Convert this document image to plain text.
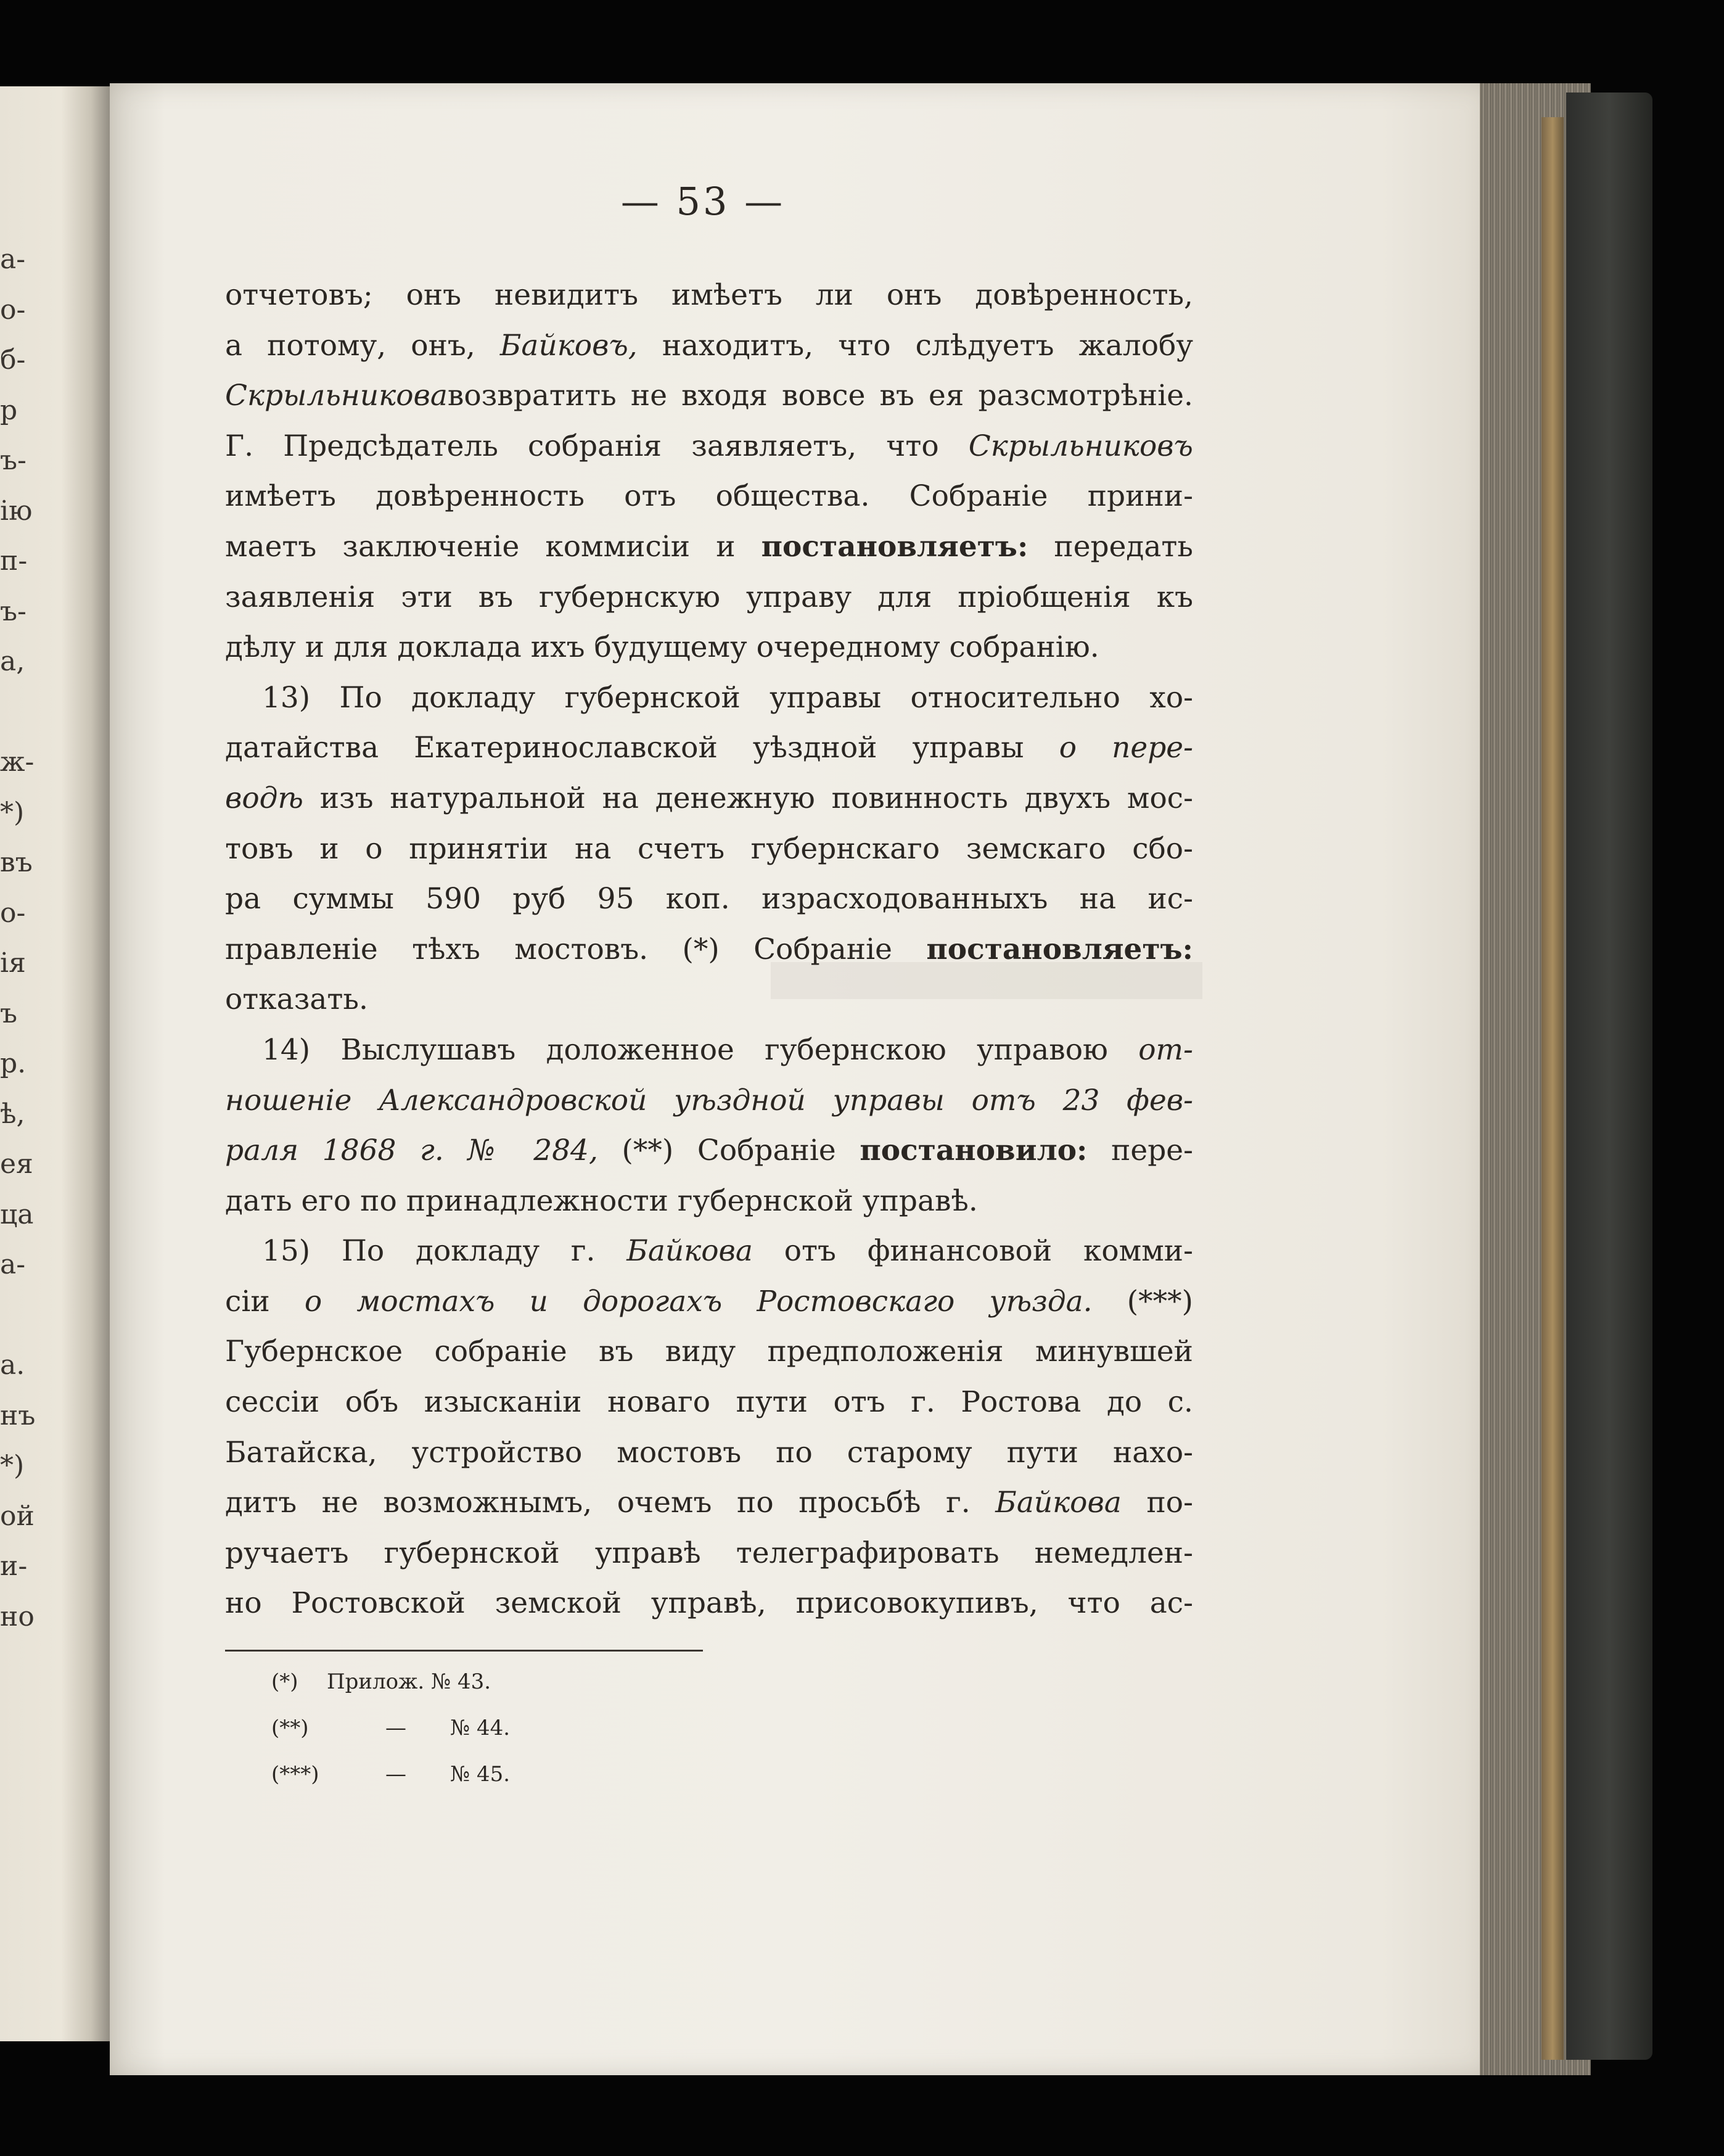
а-
о-
б-
р
ъ-
iю
п-
ъ-
а,
ж-
*)
въ
о-
ія
ъ
р.
ѣ,
ея
ца
а-
а.
нъ
*)
ой
и-
но
— 53 —
отчетовъ; онъ невидитъ имѣетъ ли онъ довѣренность,
а потому, онъ, Байковъ, находитъ, что слѣдуетъ жалобу
Скрыльниковавозвратить не входя вовсе въ ея разсмотрѣніе.
Г. Предсѣдатель собранія заявляетъ, что Скрыльниковъ
имѣетъ довѣренность отъ общества. Собраніе прини-
маетъ заключеніе коммисіи и постановляетъ: передать
заявленія эти въ губернскую управу для пріобщенія къ
дѣлу и для доклада ихъ будущему очередному собранію.
13) По докладу губернской управы относительно хо-
датайства Екатеринославской уѣздной управы о пере-
водѣ изъ натуральной на денежную повинность двухъ мос-
товъ и о принятіи на счетъ губернскаго земскаго сбо-
ра суммы 590 руб 95 коп. израсходованныхъ на ис-
правленіе тѣхъ мостовъ. (*) Собраніе постановляетъ:
отказать.
14) Выслушавъ доложенное губернскою управою от-
ношеніе Александровской уѣздной управы отъ 23 фев-
раля 1868 г. № 284, (**) Собраніе постановило: пере-
дать его по принадлежности губернской управѣ.
15) По докладу г. Байкова отъ финансовой комми-
сіи о мостахъ и дорогахъ Ростовскаго уѣзда. (***)
Губернское собраніе въ виду предположенія минувшей
сессіи объ изысканіи новаго пути отъ г. Ростова до с.
Батайска, устройство мостовъ по старому пути нахо-
дитъ не возможнымъ, очемъ по просьбѣ г. Байкова по-
ручаетъ губернской управѣ телеграфировать немедлен-
но Ростовской земской управѣ, присовокупивъ, что ас-
(*) Прилож. № 43.
(**)	— № 44.
(***)	— № 45.
